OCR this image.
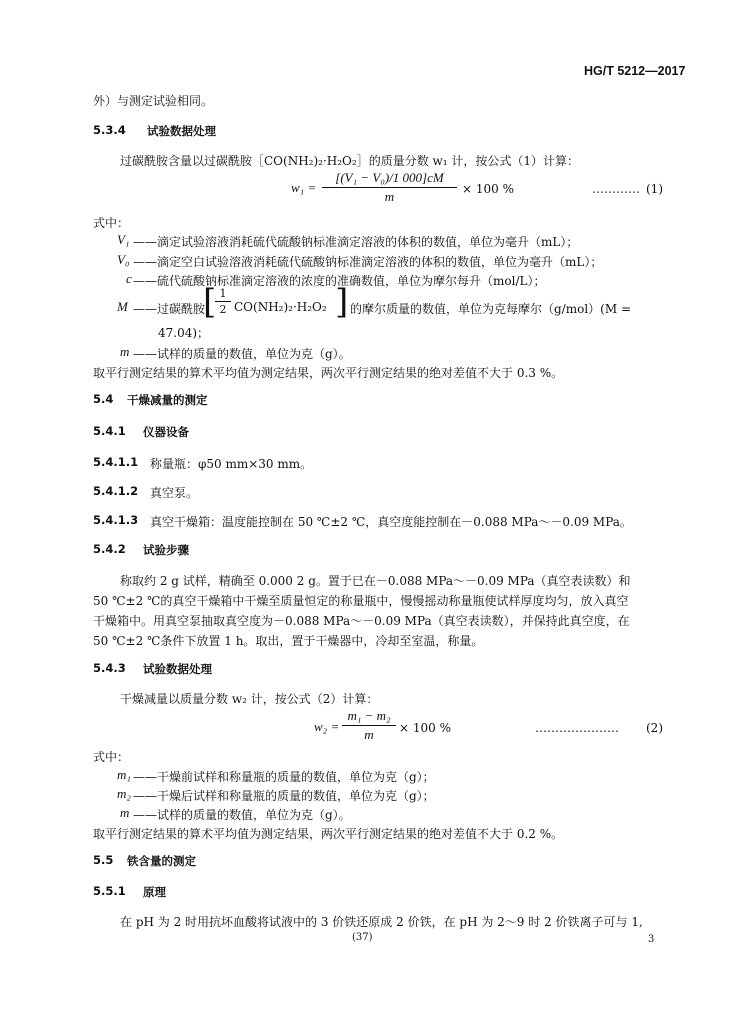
HG/T 5212—2017
外）与测定试验相同。
5.3.4 试验数据处理
过碳酰胺含量以过碳酰胺［CO(NH₂)₂·H₂O₂］的质量分数 w₁ 计，按公式（1）计算：
$w_1 = \frac{\text{[(V₁ − V₀)/1 000]cM}}{m} \times 100$ %	………… (1)
式中：
V₁ ——滴定试验溶液消耗硫代硫酸钠标准滴定溶液的体积的数值，单位为毫升（mL）；
V₀ ——滴定空白试验溶液消耗硫代硫酸钠标准滴定溶液的体积的数值，单位为毫升（mL）；
c ——硫代硫酸钠标准滴定溶液的浓度的准确数值，单位为摩尔每升（mol/L）；
M ——过碳酰胺
[
$\frac{1}{2} CO(NH_2)_2\cdot H_2O_2$ ] 的摩尔质量的数值，单位为克每摩尔（g/mol）(M =
47.04)；
m ——试样的质量的数值，单位为克（g）。
取平行测定结果的算术平均值为测定结果，两次平行测定结果的绝对差值不大于 0.3 %。
5.4 干燥减量的测定
5.4.1 仪器设备
5.4.1.1 称量瓶：φ50 mm×30 mm。
5.4.1.2 真空泵。
5.4.1.3 真空干燥箱：温度能控制在 50 ℃±2 ℃，真空度能控制在－0.088 MPa～－0.09 MPa。
5.4.2 试验步骤
称取约 2 g 试样，精确至 0.000 2 g。置于已在－0.088 MPa～－0.09 MPa（真空表读数）和
50 ℃±2 ℃的真空干燥箱中干燥至质量恒定的称量瓶中，慢慢摇动称量瓶使试样厚度均匀，放入真空
干燥箱中。用真空泵抽取真空度为－0.088 MPa～－0.09 MPa（真空表读数），并保持此真空度，在
50 ℃±2 ℃条件下放置 1 h。取出，置于干燥器中，冷却至室温，称量。
5.4.3 试验数据处理
干燥减量以质量分数 w₂ 计，按公式（2）计算：
$w_2 = \frac{\text{m₁ − m₂}}{m} \times 100$ %	………………… (2)
式中：
m₁ ——干燥前试样和称量瓶的质量的数值，单位为克（g）；
m₂ ——干燥后试样和称量瓶的质量的数值，单位为克（g）；
m ——试样的质量的数值，单位为克（g）。
取平行测定结果的算术平均值为测定结果，两次平行测定结果的绝对差值不大于 0.2 %。
5.5 铁含量的测定
5.5.1 原理
在 pH 为 2 时用抗坏血酸将试液中的 3 价铁还原成 2 价铁，在 pH 为 2～9 时 2 价铁离子可与 1,
(37)	3
